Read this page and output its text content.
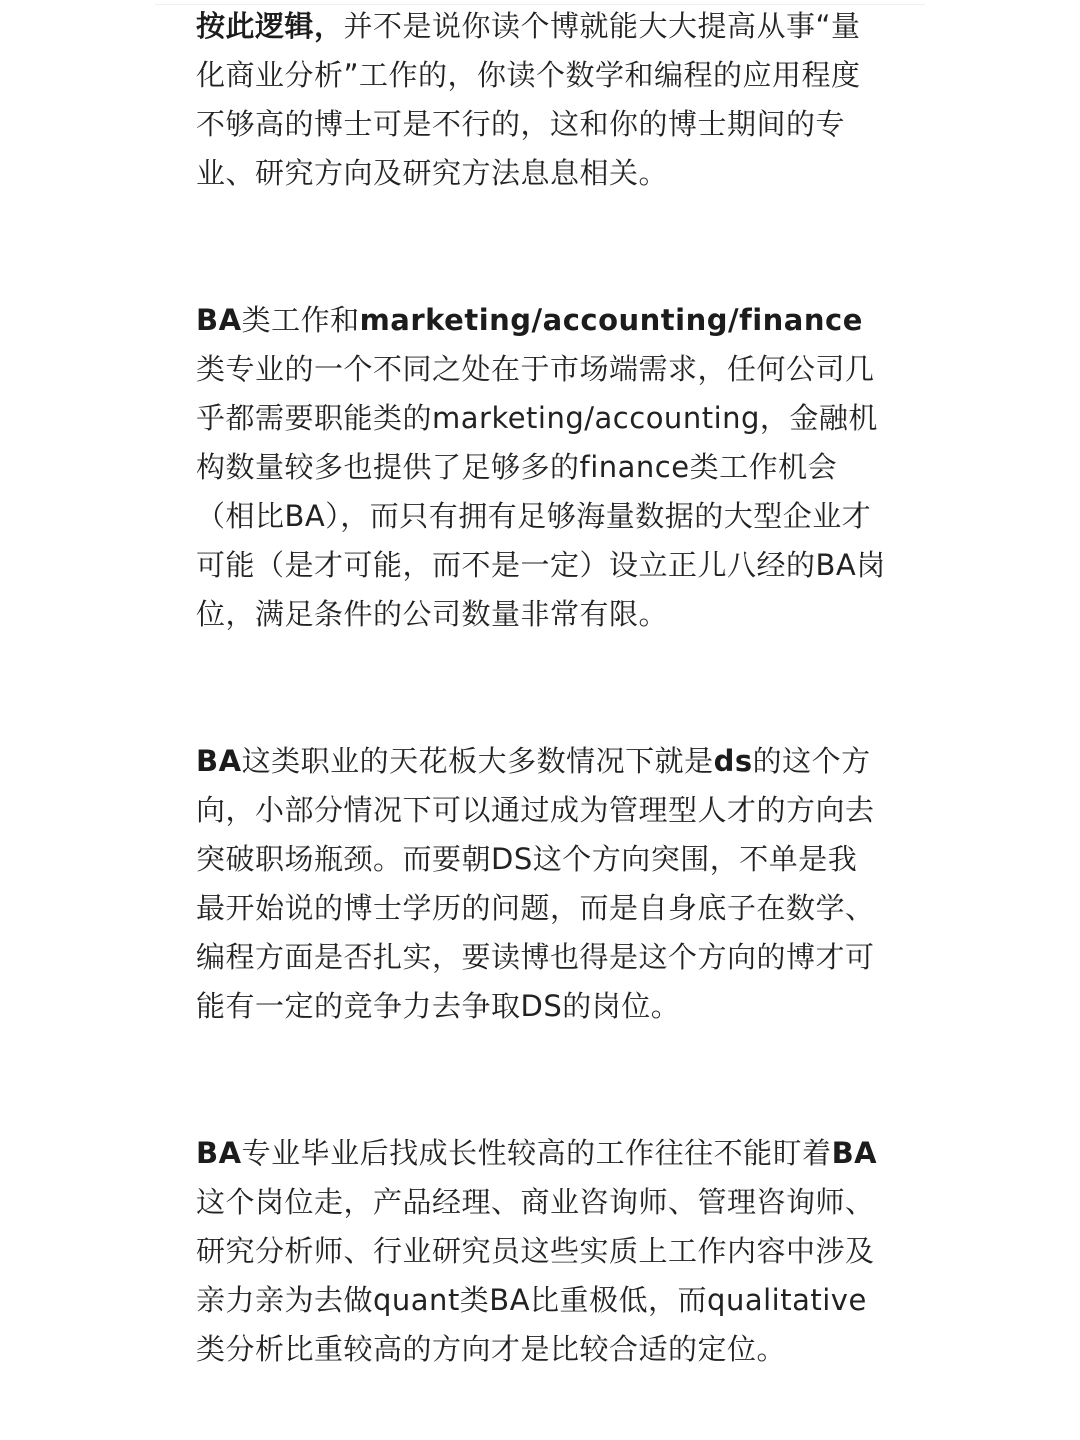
按此逻辑，并不是说你读个博就能大大提高从事“量化商业分析”工作的，你读个数学和编程的应用程度不够高的博士可是不行的，这和你的博士期间的专业、研究方向及研究方法息息相关。

BA类工作和marketing/accounting/finance类专业的一个不同之处在于市场端需求，任何公司几乎都需要职能类的marketing/accounting，金融机构数量较多也提供了足够多的finance类工作机会（相比BA），而只有拥有足够海量数据的大型企业才可能（是才可能，而不是一定）设立正儿八经的BA岗位，满足条件的公司数量非常有限。

BA这类职业的天花板大多数情况下就是ds的这个方向，小部分情况下可以通过成为管理型人才的方向去突破职场瓶颈。而要朝DS这个方向突围，不单是我最开始说的博士学历的问题，而是自身底子在数学、编程方面是否扎实，要读博也得是这个方向的博才可能有一定的竞争力去争取DS的岗位。

BA专业毕业后找成长性较高的工作往往不能盯着BA这个岗位走，产品经理、商业咨询师、管理咨询师、研究分析师、行业研究员这些实质上工作内容中涉及亲力亲为去做quant类BA比重极低，而qualitative类分析比重较高的方向才是比较合适的定位。
